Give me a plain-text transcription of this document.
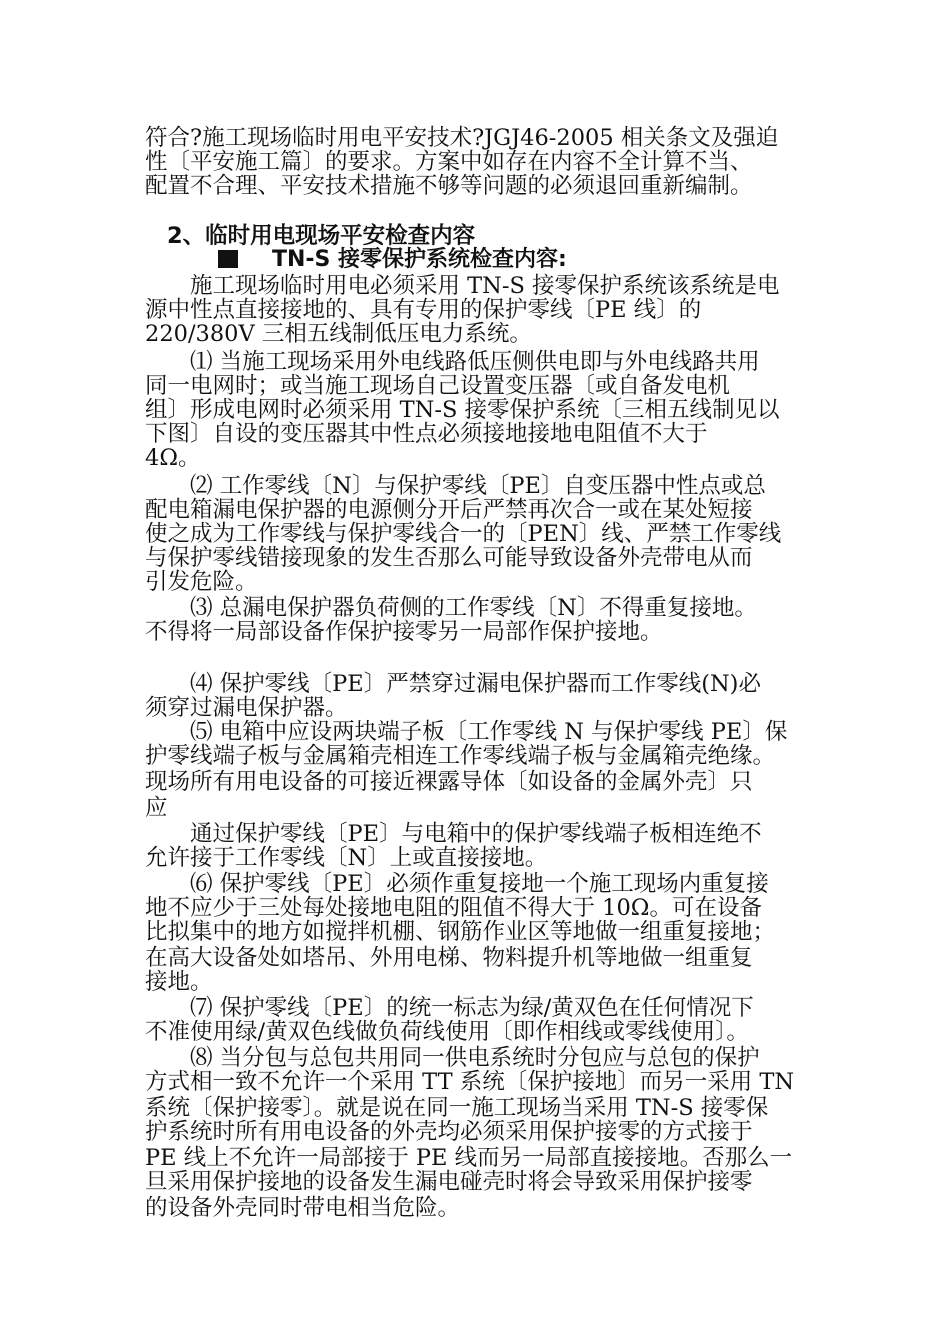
符合?施工现场临时用电平安技术?JGJ46-2005 相关条文及强迫

性〔平安施工篇〕的要求。方案中如存在内容不全计算不当、

配置不合理、平安技术措施不够等问题的必须退回重新编制。

2、临时用电现场平安检查内容
TN-S 接零保护系统检查内容:

施工现场临时用电必须采用 TN-S 接零保护系统该系统是电

源中性点直接接地的、具有专用的保护零线〔PE 线〕的

220/380V 三相五线制低压电力系统。

⑴ 当施工现场采用外电线路低压侧供电即与外电线路共用

同一电网时；或当施工现场自己设置变压器〔或自备发电机

组〕形成电网时必须采用 TN-S 接零保护系统〔三相五线制见以

下图〕自设的变压器其中性点必须接地接地电阻值不大于

4Ω。

⑵ 工作零线〔N〕与保护零线〔PE〕自变压器中性点或总

配电箱漏电保护器的电源侧分开后严禁再次合一或在某处短接

使之成为工作零线与保护零线合一的〔PEN〕线、严禁工作零线

与保护零线错接现象的发生否那么可能导致设备外壳带电从而

引发危险。

⑶ 总漏电保护器负荷侧的工作零线〔N〕不得重复接地。

不得将一局部设备作保护接零另一局部作保护接地。

⑷ 保护零线〔PE〕严禁穿过漏电保护器而工作零线(N)必

须穿过漏电保护器。

⑸ 电箱中应设两块端子板〔工作零线 N 与保护零线 PE〕保

护零线端子板与金属箱壳相连工作零线端子板与金属箱壳绝缘。

现场所有用电设备的可接近裸露导体〔如设备的金属外壳〕只

应

通过保护零线〔PE〕与电箱中的保护零线端子板相连绝不

允许接于工作零线〔N〕上或直接接地。

⑹ 保护零线〔PE〕必须作重复接地一个施工现场内重复接

地不应少于三处每处接地电阻的阻值不得大于 10Ω。可在设备

比拟集中的地方如搅拌机棚、钢筋作业区等地做一组重复接地；

在高大设备处如塔吊、外用电梯、物料提升机等地做一组重复

接地。

⑺ 保护零线〔PE〕的统一标志为绿/黄双色在任何情况下

不准使用绿/黄双色线做负荷线使用〔即作相线或零线使用〕。

⑻ 当分包与总包共用同一供电系统时分包应与总包的保护

方式相一致不允许一个采用 TT 系统〔保护接地〕而另一采用 TN

系统〔保护接零〕。就是说在同一施工现场当采用 TN-S 接零保

护系统时所有用电设备的外壳均必须采用保护接零的方式接于

PE 线上不允许一局部接于 PE 线而另一局部直接接地。否那么一

旦采用保护接地的设备发生漏电碰壳时将会导致采用保护接零

的设备外壳同时带电相当危险。
